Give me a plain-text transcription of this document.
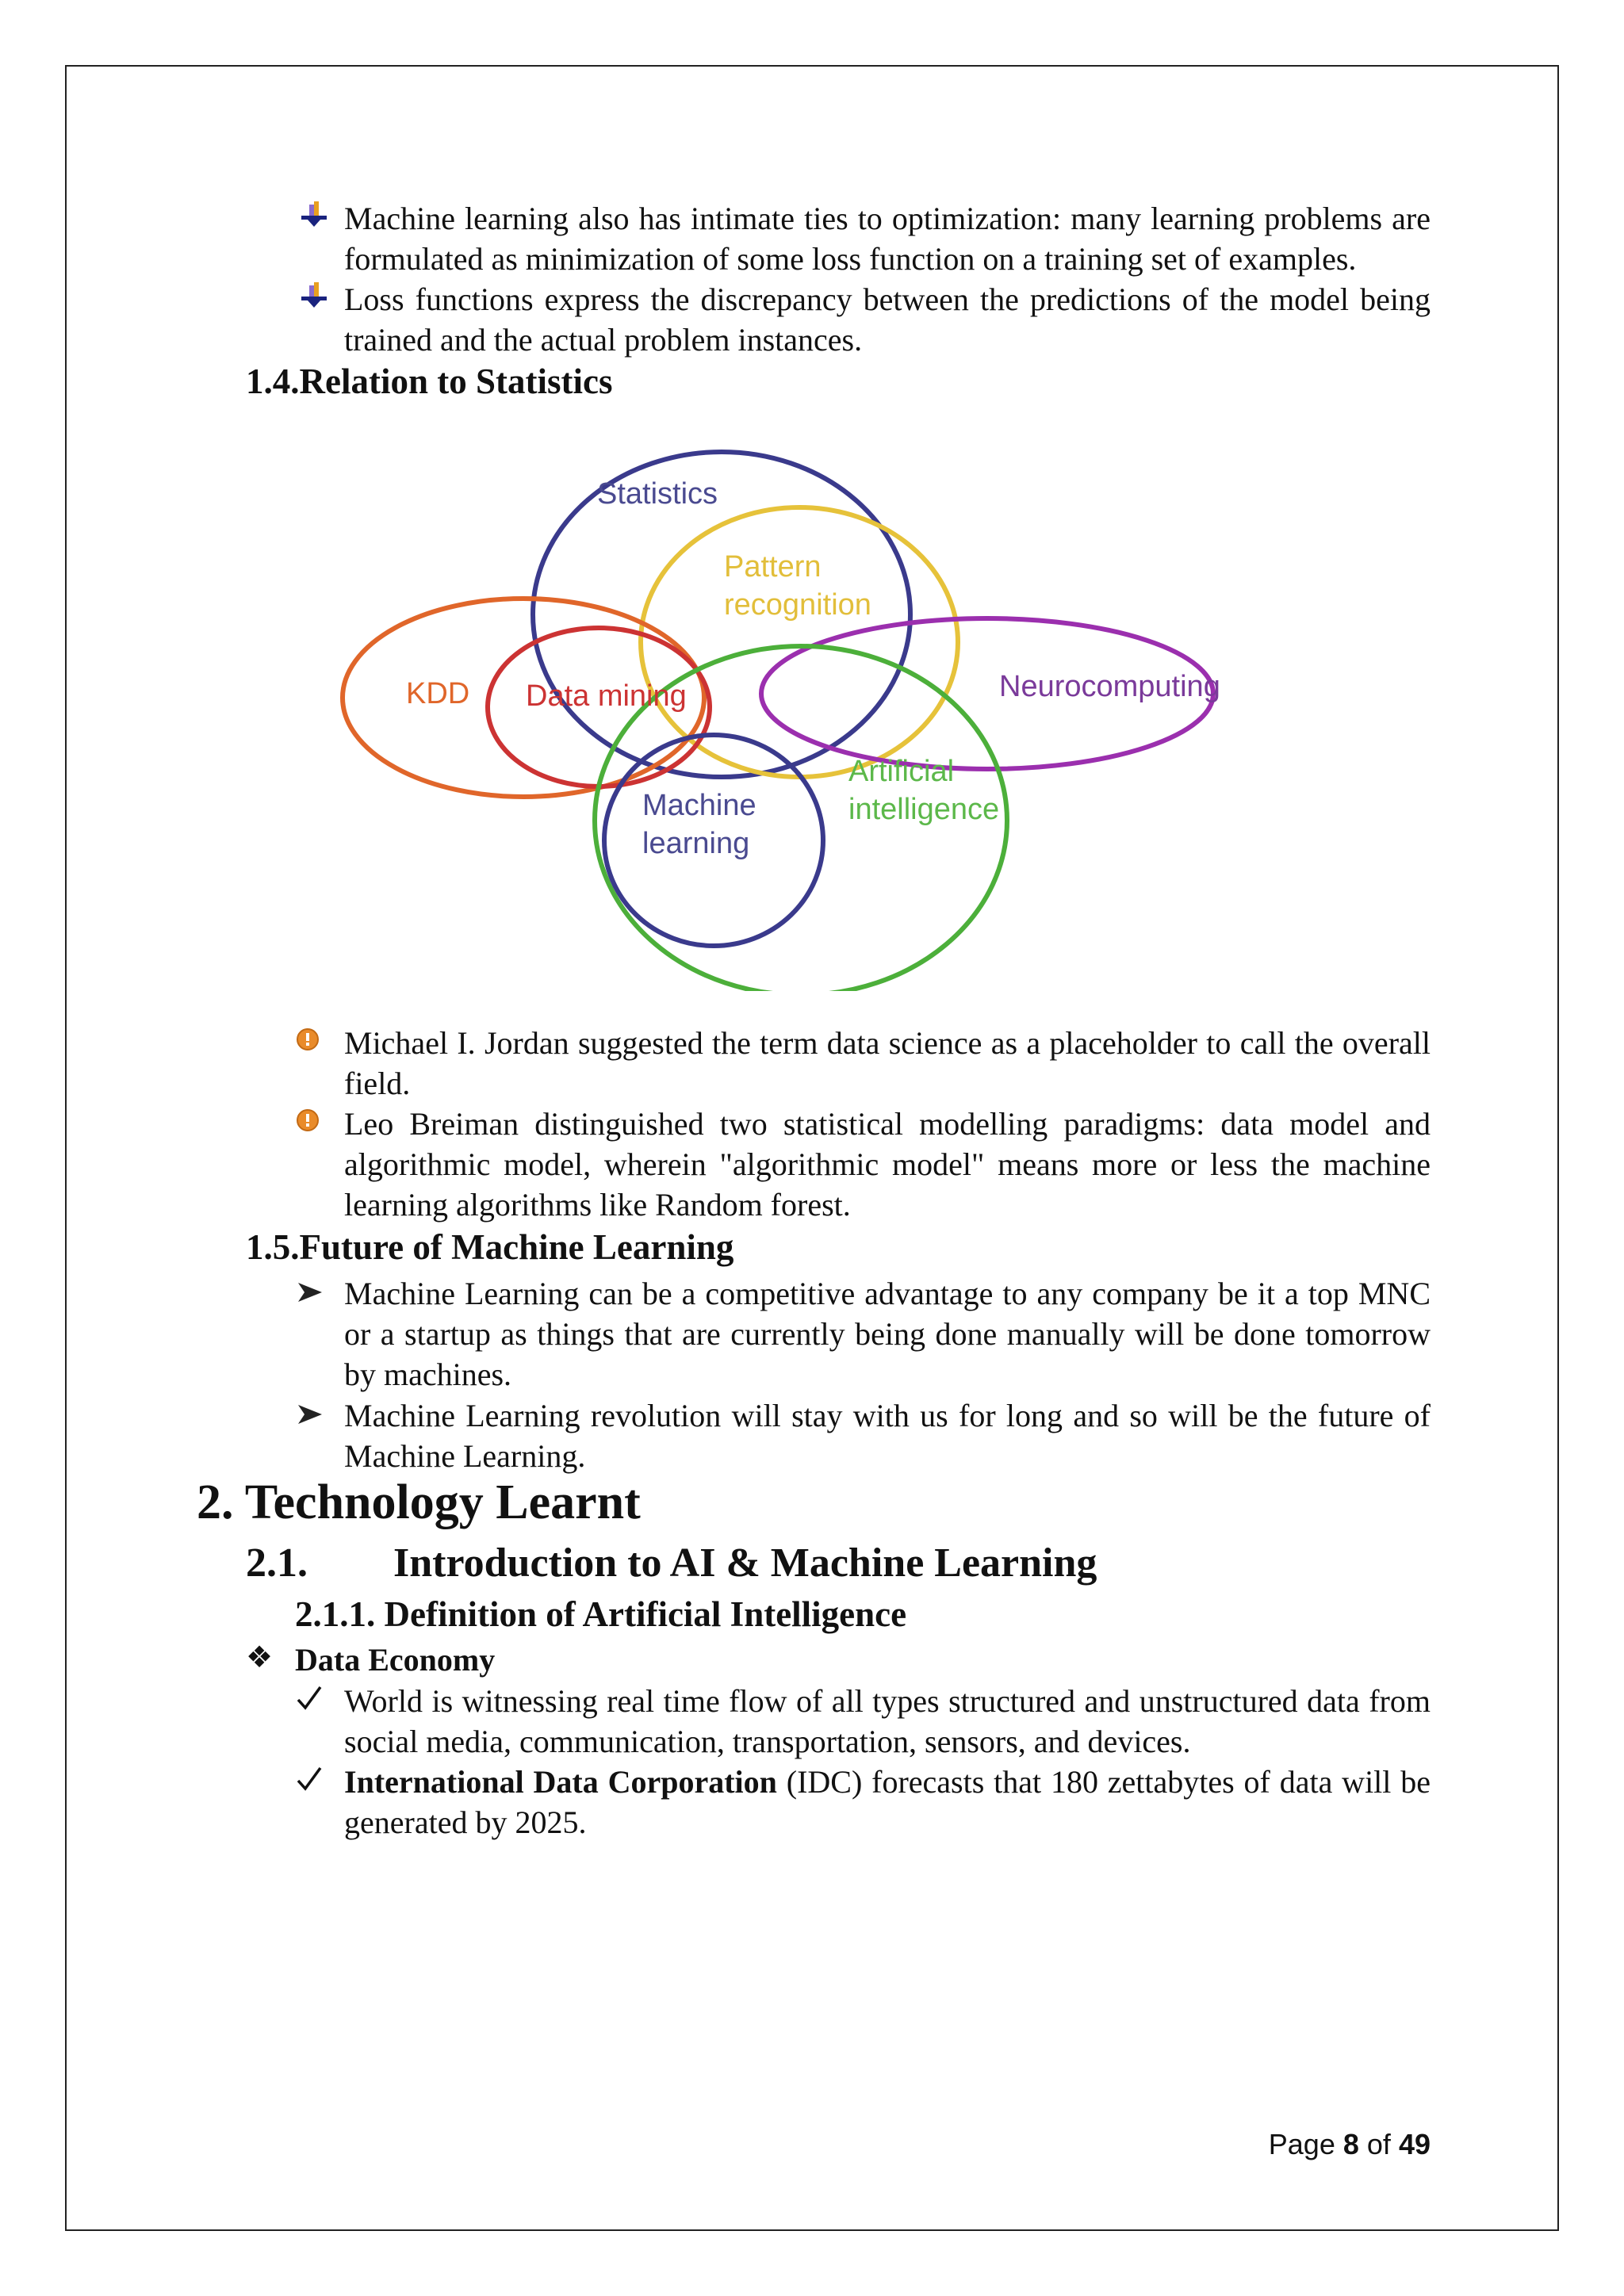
Machine learning also has intimate ties to optimization: many learning problems are formulated as minimization of some loss function on a training set of examples.
Loss functions express the discrepancy between the predictions of the model being trained and the actual problem instances.
1.4.Relation to Statistics
Statistics
Pattern
recognition
KDD Data mining	Neurocomputing
Artificial
intelligence
Machine
learning
Michael I. Jordan suggested the term data science as a placeholder to call the overall field.
Leo Breiman distinguished two statistical modelling paradigms: data model and algorithmic model, wherein "algorithmic model" means more or less the machine learning algorithms like Random forest.
1.5.Future of Machine Learning
Machine Learning can be a competitive advantage to any company be it a top MNC or a startup as things that are currently being done manually will be done tomorrow by machines.
Machine Learning revolution will stay with us for long and so will be the future of Machine Learning.
2. Technology Learnt
2.1. Introduction to AI & Machine Learning
2.1.1. Definition of Artificial Intelligence
❖ Data Economy
World is witnessing real time flow of all types structured and unstructured data from social media, communication, transportation, sensors, and devices.
International Data Corporation (IDC) forecasts that 180 zettabytes of data will be generated by 2025.
Page 8 of 49
